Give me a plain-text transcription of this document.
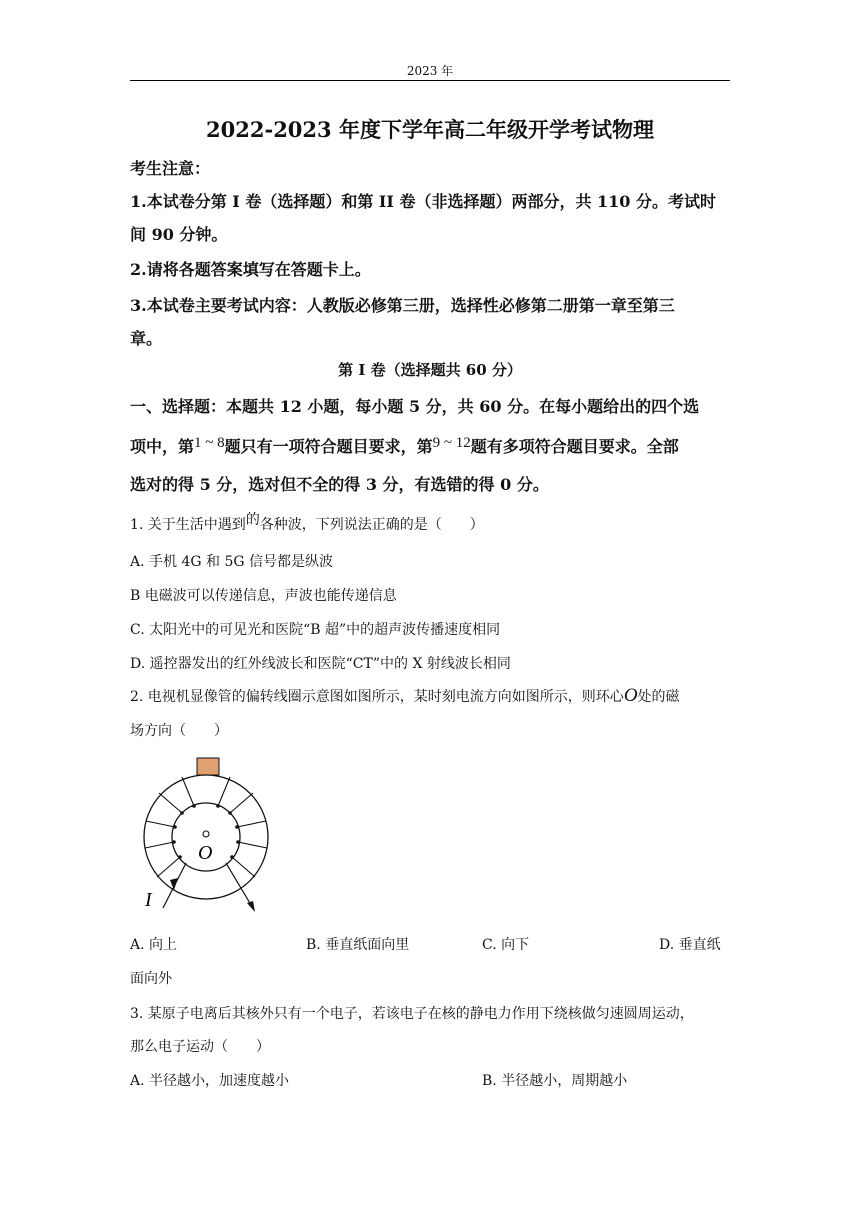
2023 年
2022-2023 年度下学年高二年级开学考试物理
考生注意：
1.本试卷分第 I 卷（选择题）和第 II 卷（非选择题）两部分，共 110 分。考试时
间 90 分钟。
2.请将各题答案填写在答题卡上。
3.本试卷主要考试内容：人教版必修第三册，选择性必修第二册第一章至第三
章。
第 I 卷（选择题共 60 分）
一、选择题：本题共 12 小题，每小题 5 分，共 60 分。在每小题给出的四个选
项中，第1 ~ 8题只有一项符合题目要求，第9 ~ 12题有多项符合题目要求。全部
选对的得 5 分，选对但不全的得 3 分，有选错的得 0 分。
1. 关于生活中遇到的各种波，下列说法正确的是（　　）
A. 手机 4G 和 5G 信号都是纵波
B 电磁波可以传递信息，声波也能传递信息
C. 太阳光中的可见光和医院“B 超”中的超声波传播速度相同
D. 遥控器发出的红外线波长和医院“CT”中的 X 射线波长相同
2. 电视机显像管的偏转线圈示意图如图所示，某时刻电流方向如图所示，则环心O处的磁
场方向（　　）
O
I
A. 向上	B. 垂直纸面向里	C. 向下	D. 垂直纸
面向外
3. 某原子电离后其核外只有一个电子，若该电子在核的静电力作用下绕核做匀速圆周运动，
那么电子运动（　　）
A. 半径越小，加速度越小	B. 半径越小，周期越小
